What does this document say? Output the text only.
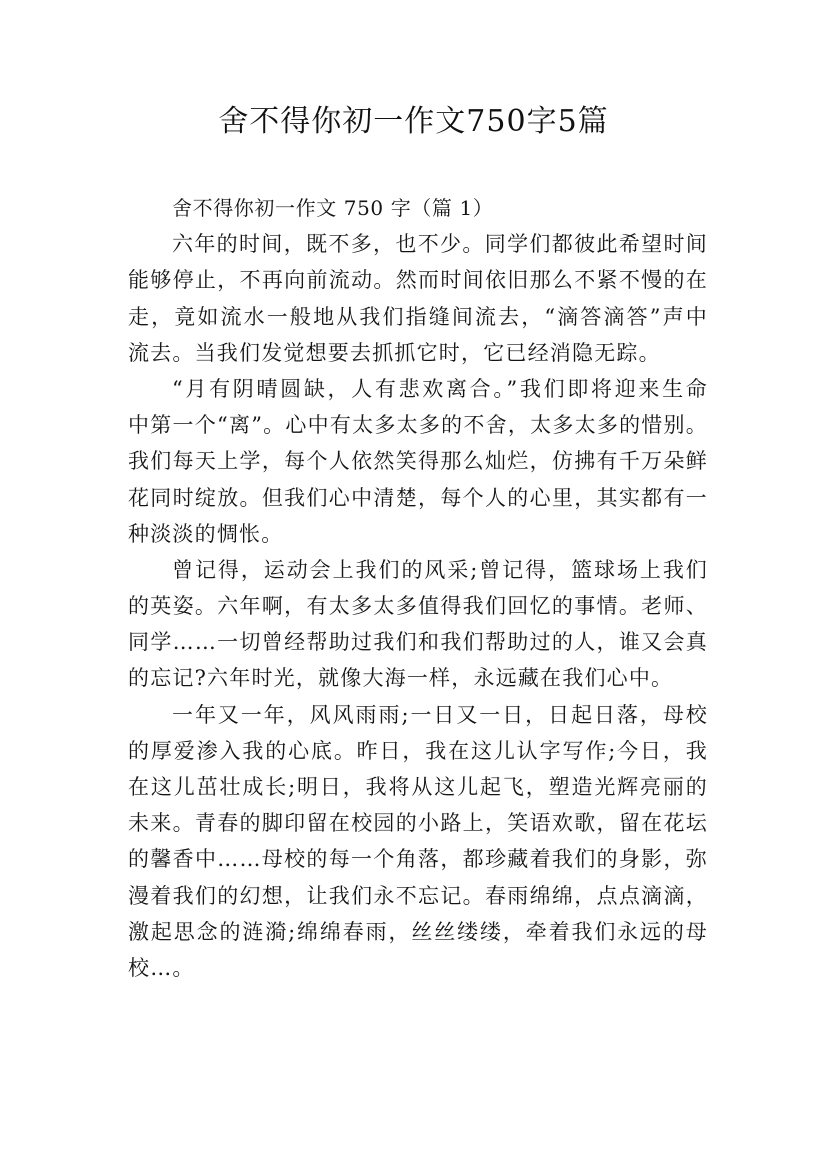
舍不得你初一作文750字5篇
舍不得你初一作文 750 字（篇 1）
六年的时间，既不多，也不少。同学们都彼此希望时间
能够停止，不再向前流动。然而时间依旧那么不紧不慢的在
走，竟如流水一般地从我们指缝间流去，“滴答滴答”声中
流去。当我们发觉想要去抓抓它时，它已经消隐无踪。
“月有阴晴圆缺，人有悲欢离合。”我们即将迎来生命
中第一个“离”。心中有太多太多的不舍，太多太多的惜别。
我们每天上学，每个人依然笑得那么灿烂，仿拂有千万朵鲜
花同时绽放。但我们心中清楚，每个人的心里，其实都有一
种淡淡的惆怅。
曾记得，运动会上我们的风采;曾记得，篮球场上我们
的英姿。六年啊，有太多太多值得我们回忆的事情。老师、
同学……一切曾经帮助过我们和我们帮助过的人，谁又会真
的忘记?六年时光，就像大海一样，永远藏在我们心中。
一年又一年，风风雨雨;一日又一日，日起日落，母校
的厚爱渗入我的心底。昨日，我在这儿认字写作;今日，我
在这儿茁壮成长;明日，我将从这儿起飞，塑造光辉亮丽的
未来。青春的脚印留在校园的小路上，笑语欢歌，留在花坛
的馨香中……母校的每一个角落，都珍藏着我们的身影，弥
漫着我们的幻想，让我们永不忘记。春雨绵绵，点点滴滴，
激起思念的涟漪;绵绵春雨，丝丝缕缕，牵着我们永远的母
校…。
